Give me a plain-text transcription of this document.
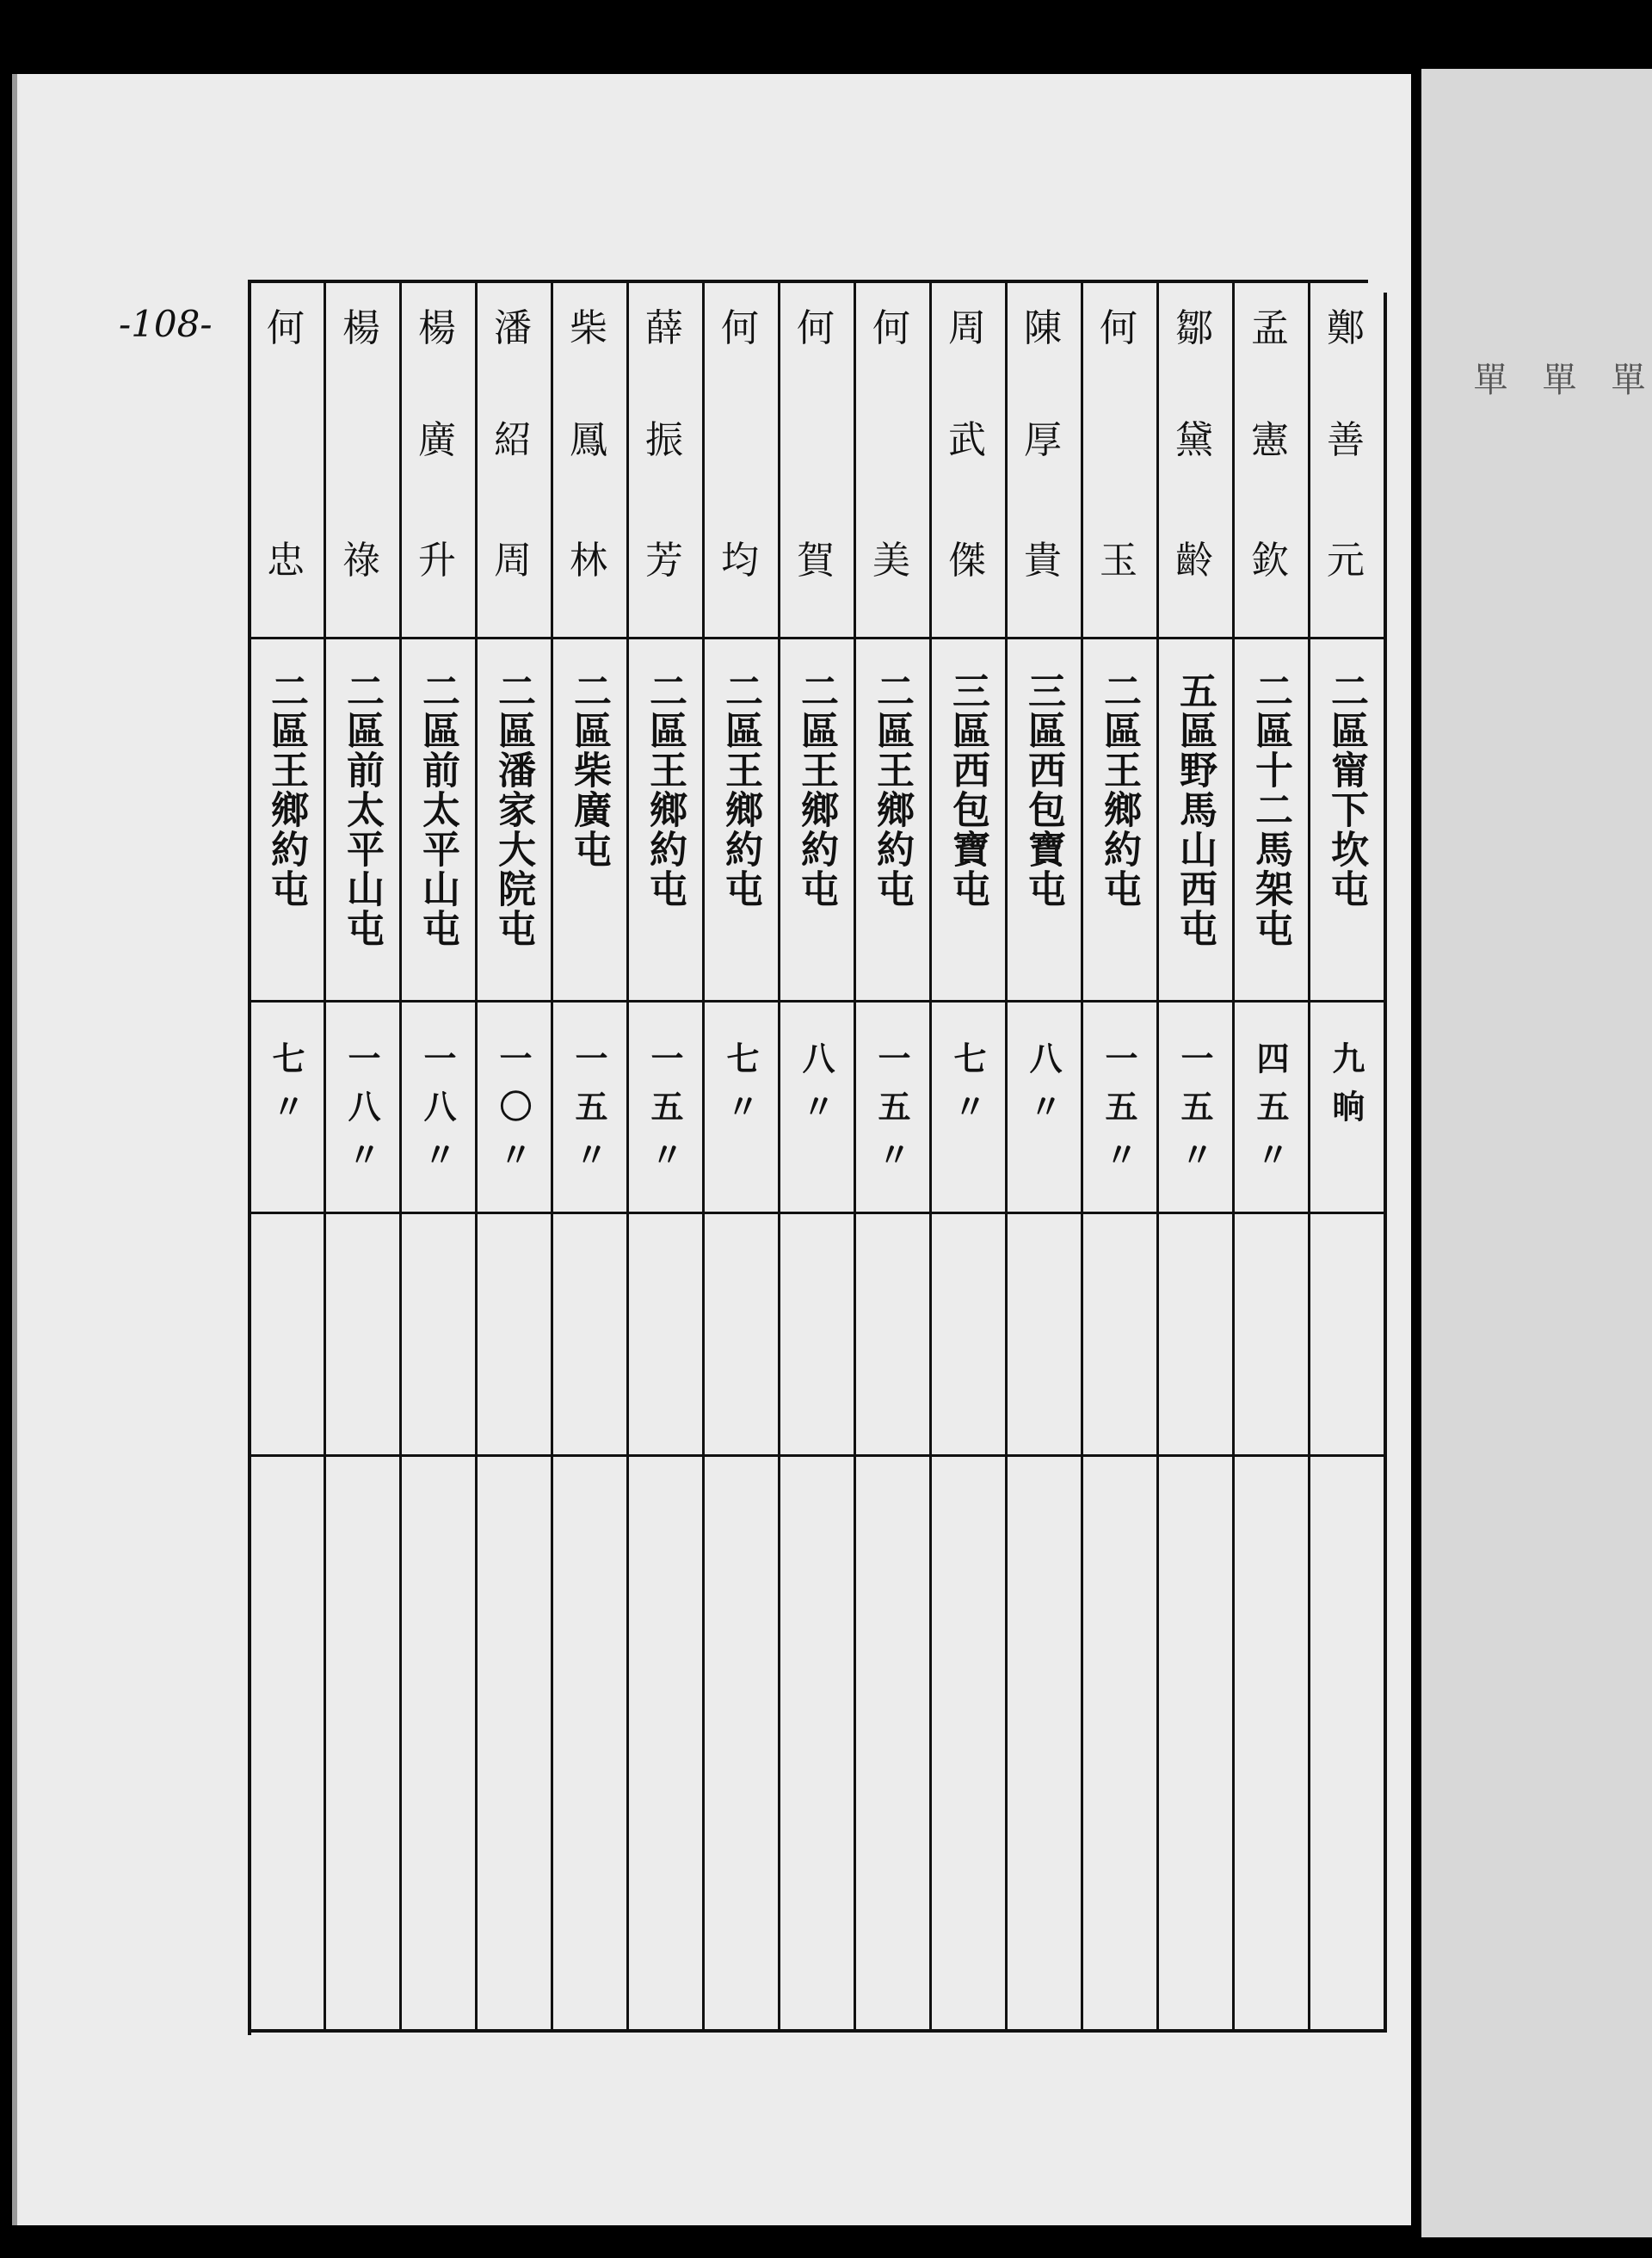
單 單 單
-108-	鄭
善
元
二區甯下坎屯
九晌
孟
憲
欽
二區十二馬架屯
四五〃
鄒
黛
齡
五區野馬山西屯
一五〃
何
玉
二區王鄉約屯
一五〃
陳
厚
貴
三區西包寶屯
八〃
周
武
傑
三區西包寶屯
七〃
何
美
二區王鄉約屯
一五〃
何
賀
二區王鄉約屯
八〃
何
均
二區王鄉約屯
七〃
薛
振
芳
二區王鄉約屯
一五〃
柴
鳳
林
二區柴廣屯
一五〃
潘
紹
周
二區潘家大院屯
一〇〃
楊
廣
升
二區前太平山屯
一八〃
楊
祿
二區前太平山屯
一八〃
何
忠
二區王鄉約屯
七〃
